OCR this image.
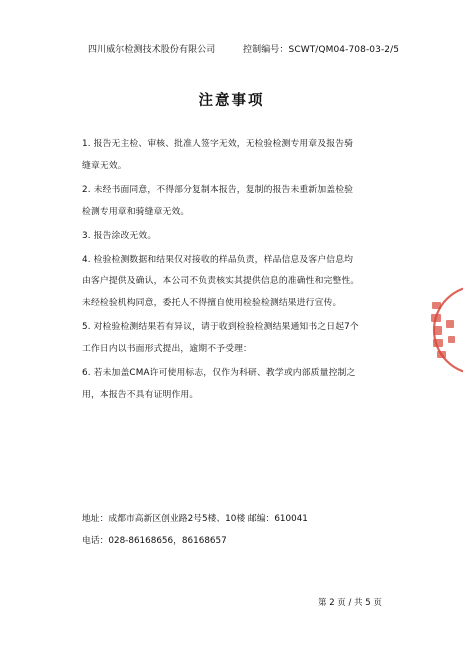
四川威尔检测技术股份有限公司	控制编号：SCWT/QM04-708-03-2/5
注意事项
1. 报告无主检、审核、批准人签字无效，无检验检测专用章及报告骑
缝章无效。
2. 未经书面同意，不得部分复制本报告，复制的报告未重新加盖检验
检测专用章和骑缝章无效。
3. 报告涂改无效。
4. 检验检测数据和结果仅对接收的样品负责，样品信息及客户信息均
由客户提供及确认，本公司不负责核实其提供信息的准确性和完整性。
未经检验机构同意，委托人不得擅自使用检验检测结果进行宣传。
5. 对检验检测结果若有异议，请于收到检验检测结果通知书之日起7个
工作日内以书面形式提出，逾期不予受理：
6. 若未加盖CMA许可使用标志，仅作为科研、教学或内部质量控制之
用，本报告不具有证明作用。
地址：成都市高新区创业路2号5楼、10楼 邮编：610041
电话：028-86168656，86168657
第 2 页 / 共 5 页
